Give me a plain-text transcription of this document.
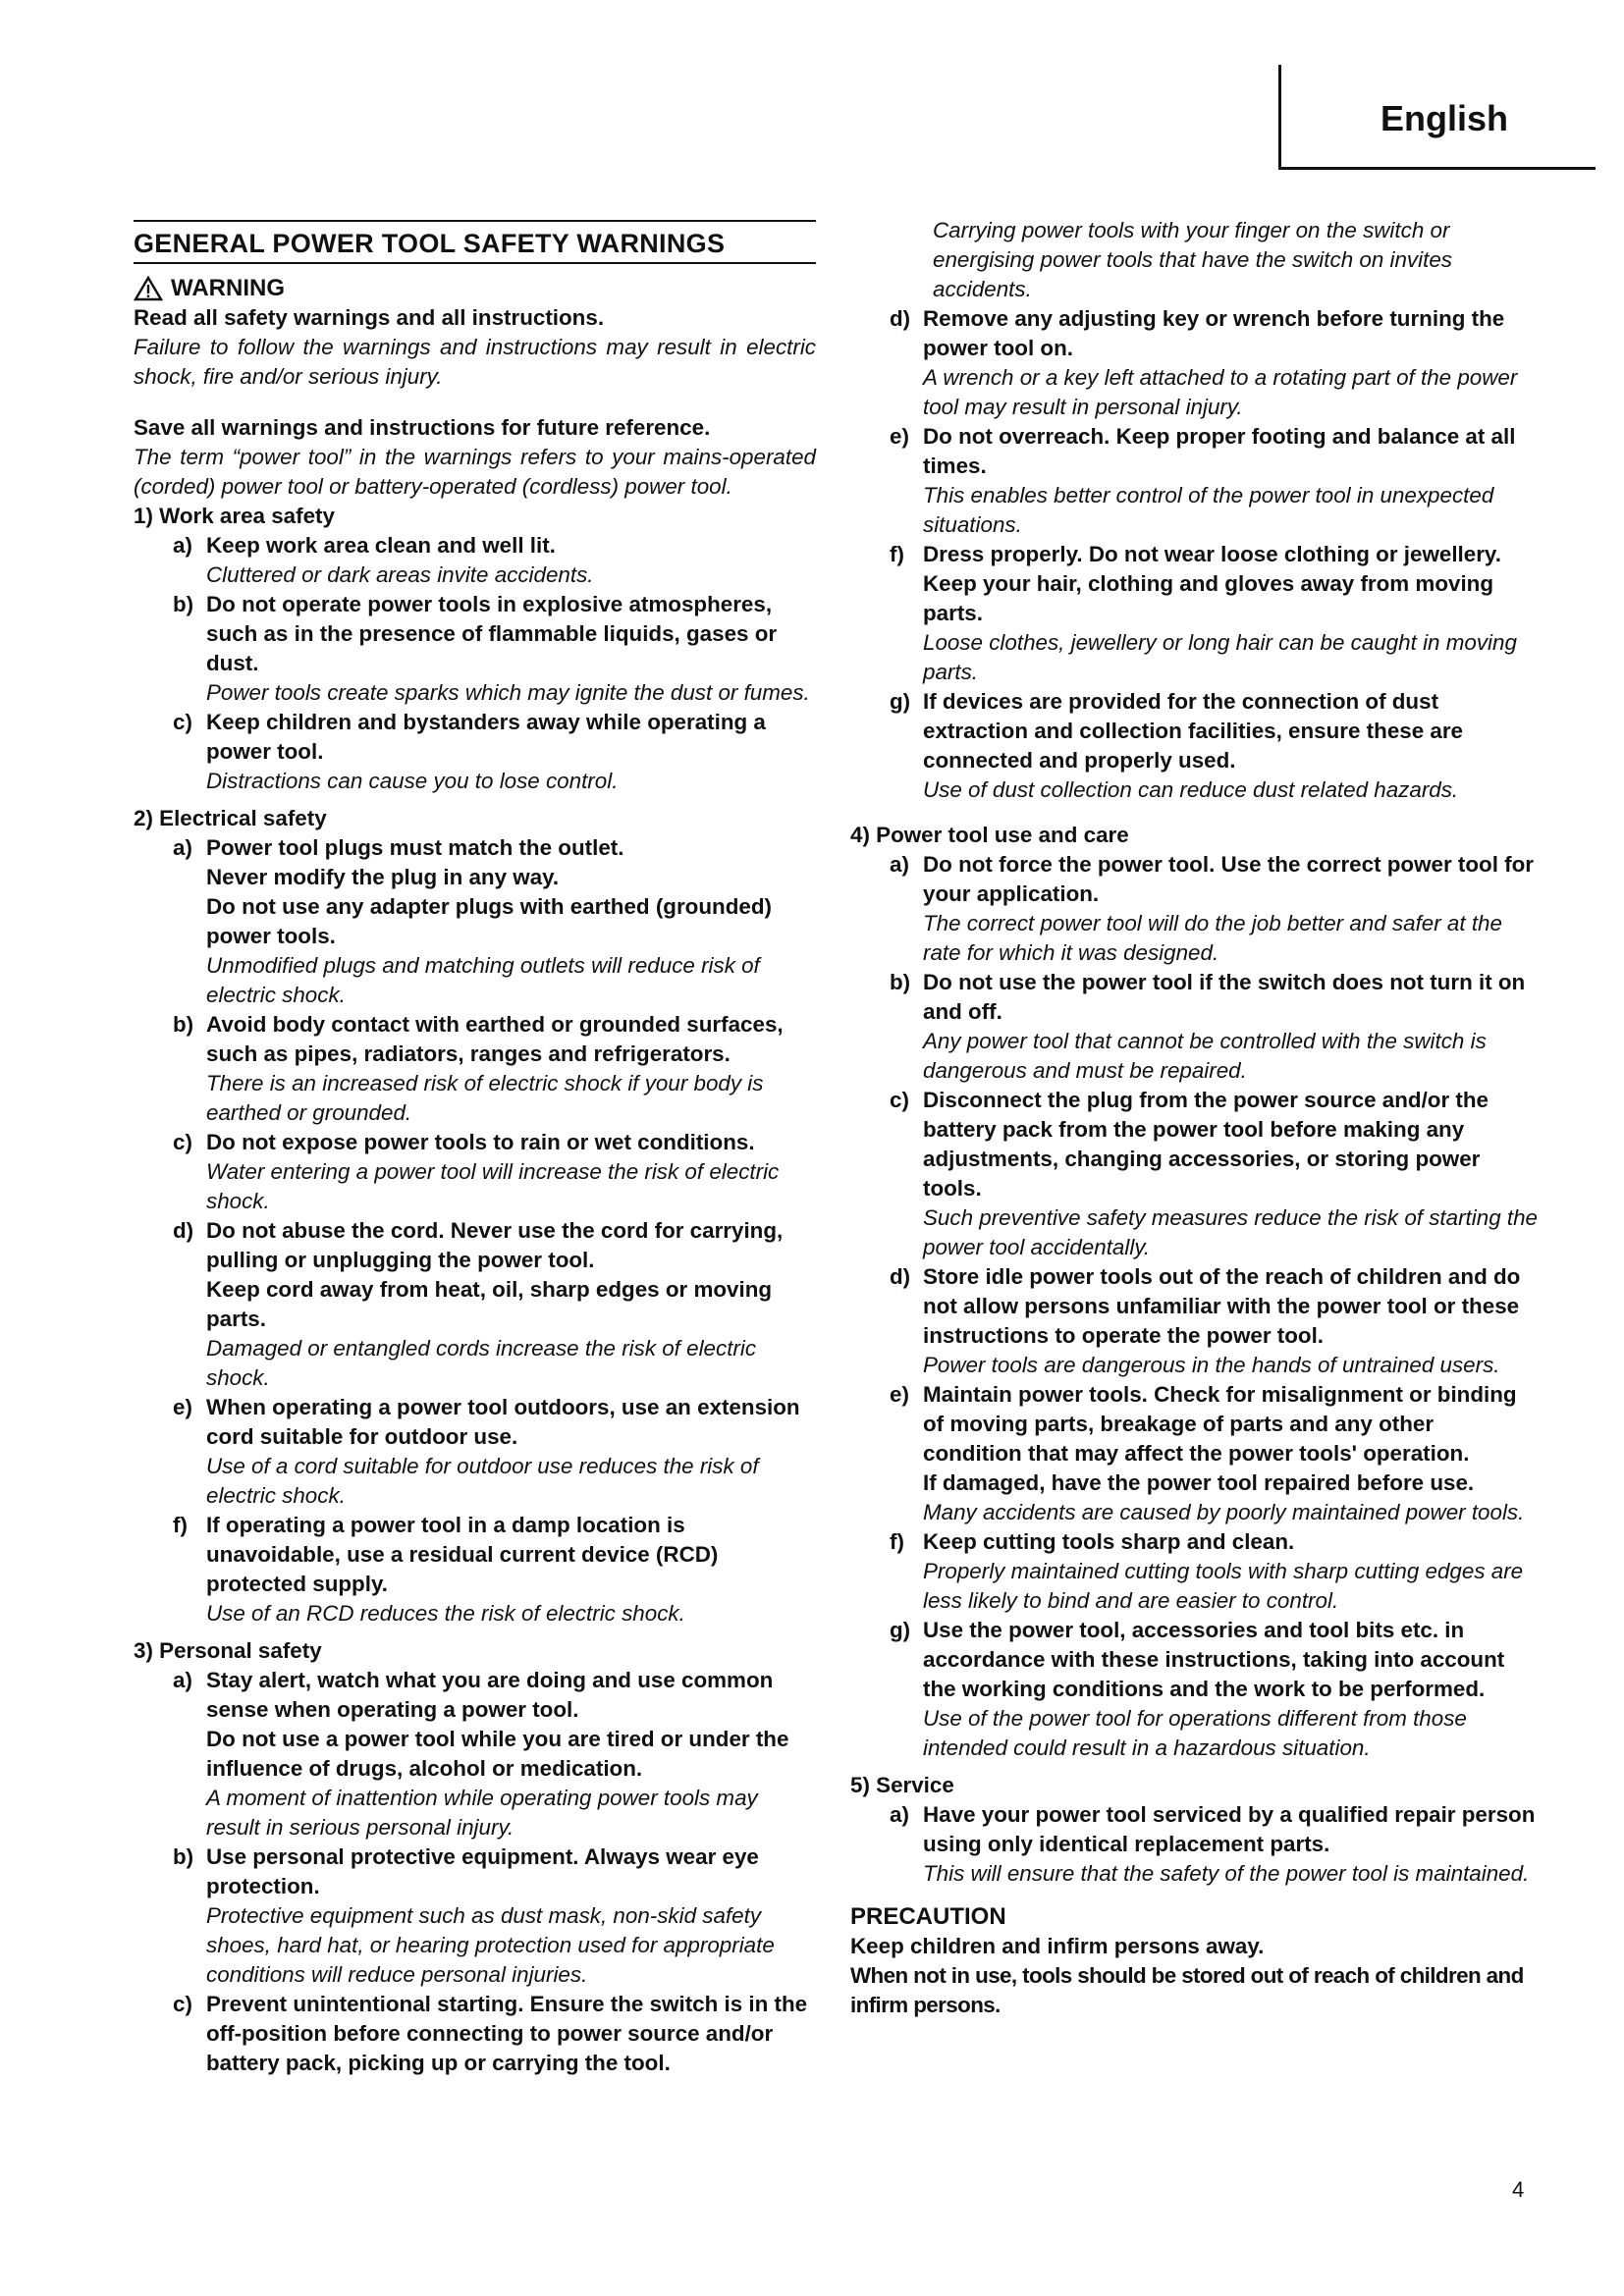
English
GENERAL POWER TOOL SAFETY WARNINGS
WARNING

Read all safety warnings and all instructions.

Failure to follow the warnings and instructions may result in electric shock, fire and/or serious injury.

Save all warnings and instructions for future reference.

The term “power tool” in the warnings refers to your mains-operated (corded) power tool or battery-operated (cordless) power tool.

1) Work area safety

a) Keep work area clean and well lit.

Cluttered or dark areas invite accidents.

b) Do not operate power tools in explosive atmospheres, such as in the presence of flammable liquids, gases or dust.

Power tools create sparks which may ignite the dust or fumes.

c) Keep children and bystanders away while operating a power tool.

Distractions can cause you to lose control.

2) Electrical safety

a) Power tool plugs must match the outlet.

Never modify the plug in any way.

Do not use any adapter plugs with earthed (grounded) power tools.

Unmodified plugs and matching outlets will reduce risk of electric shock.

b) Avoid body contact with earthed or grounded surfaces, such as pipes, radiators, ranges and refrigerators.

There is an increased risk of electric shock if your body is earthed or grounded.

c) Do not expose power tools to rain or wet conditions.

Water entering a power tool will increase the risk of electric shock.

d) Do not abuse the cord. Never use the cord for carrying, pulling or unplugging the power tool.

Keep cord away from heat, oil, sharp edges or moving parts.

Damaged or entangled cords increase the risk of electric shock.

e) When operating a power tool outdoors, use an extension cord suitable for outdoor use.

Use of a cord suitable for outdoor use reduces the risk of electric shock.

f) If operating a power tool in a damp location is unavoidable, use a residual current device (RCD) protected supply.

Use of an RCD reduces the risk of electric shock.

3) Personal safety

a) Stay alert, watch what you are doing and use common sense when operating a power tool.

Do not use a power tool while you are tired or under the influence of drugs, alcohol or medication.

A moment of inattention while operating power tools may result in serious personal injury.

b) Use personal protective equipment. Always wear eye protection.

Protective equipment such as dust mask, non-skid safety shoes, hard hat, or hearing protection used for appropriate conditions will reduce personal injuries.

c) Prevent unintentional starting. Ensure the switch is in the off-position before connecting to power source and/or battery pack, picking up or carrying the tool.

Carrying power tools with your finger on the switch or energising power tools that have the switch on invites accidents.

d) Remove any adjusting key or wrench before turning the power tool on.

A wrench or a key left attached to a rotating part of the power tool may result in personal injury.

e) Do not overreach. Keep proper footing and balance at all times.

This enables better control of the power tool in unexpected situations.

f) Dress properly. Do not wear loose clothing or jewellery. Keep your hair, clothing and gloves away from moving parts.

Loose clothes, jewellery or long hair can be caught in moving parts.

g) If devices are provided for the connection of dust extraction and collection facilities, ensure these are connected and properly used.

Use of dust collection can reduce dust related hazards.

4) Power tool use and care

a) Do not force the power tool. Use the correct power tool for your application.

The correct power tool will do the job better and safer at the rate for which it was designed.

b) Do not use the power tool if the switch does not turn it on and off.

Any power tool that cannot be controlled with the switch is dangerous and must be repaired.

c) Disconnect the plug from the power source and/or the battery pack from the power tool before making any adjustments, changing accessories, or storing power tools.

Such preventive safety measures reduce the risk of starting the power tool accidentally.

d) Store idle power tools out of the reach of children and do not allow persons unfamiliar with the power tool or these instructions to operate the power tool.

Power tools are dangerous in the hands of untrained users.

e) Maintain power tools. Check for misalignment or binding of moving parts, breakage of parts and any other condition that may affect the power tools' operation.

If damaged, have the power tool repaired before use.

Many accidents are caused by poorly maintained power tools.

f) Keep cutting tools sharp and clean.

Properly maintained cutting tools with sharp cutting edges are less likely to bind and are easier to control.

g) Use the power tool, accessories and tool bits etc. in accordance with these instructions, taking into account the working conditions and the work to be performed.

Use of the power tool for operations different from those intended could result in a hazardous situation.

5) Service

a) Have your power tool serviced by a qualified repair person using only identical replacement parts.

This will ensure that the safety of the power tool is maintained.

PRECAUTION

Keep children and infirm persons away.

When not in use, tools should be stored out of reach of children and infirm persons.

4
